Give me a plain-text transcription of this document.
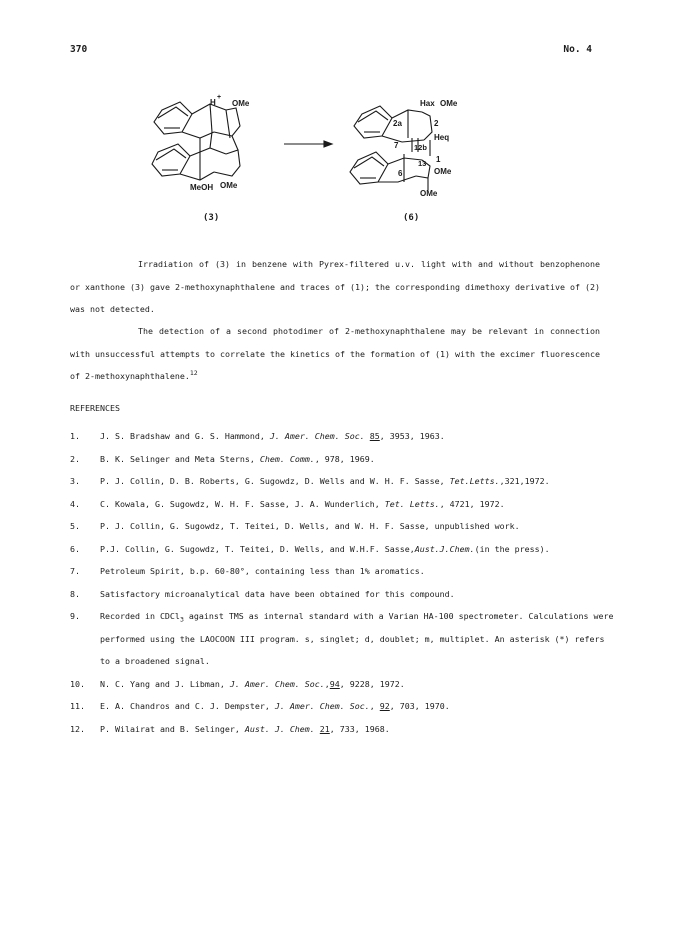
370	No. 4
H
+
OMe
MeOH OMe
Hax OMe
2a	2
Heq
7 12b
1
13
OMe
6
OMe
(3)	(6)

Irradiation of (3) in benzene with Pyrex-filtered u.v. light with and without benzophenone or xanthone (3) gave 2-methoxynaphthalene and traces of (1); the corresponding dimethoxy derivative of (2) was not detected.

The detection of a second photodimer of 2-methoxynaphthalene may be relevant in connection with unsuccessful attempts to correlate the kinetics of the formation of (1) with the excimer fluorescence of 2-methoxynaphthalene.$^{12}$

REFERENCES
1. J. S. Bradshaw and G. S. Hammond, J. Amer. Chem. Soc. 85, 3953, 1963.
2. B. K. Selinger and Meta Sterns, Chem. Comm., 978, 1969.
3. P. J. Collin, D. B. Roberts, G. Sugowdz, D. Wells and W. H. F. Sasse, Tet.Letts.,321,1972.
4. C. Kowala, G. Sugowdz, W. H. F. Sasse, J. A. Wunderlich, Tet. Letts., 4721, 1972.
5. P. J. Collin, G. Sugowdz, T. Teitei, D. Wells, and W. H. F. Sasse, unpublished work.
6. P.J. Collin, G. Sugowdz, T. Teitei, D. Wells, and W.H.F. Sasse,Aust.J.Chem.(in the press).
7. Petroleum Spirit, b.p. 60-80°, containing less than 1% aromatics.
8. Satisfactory microanalytical data have been obtained for this compound.
9. Recorded in CDCl$_3$ against TMS as internal standard with a Varian HA-100 spectrometer. Calculations were performed using the LAOCOON III program. s, singlet; d, doublet; m, multiplet. An asterisk (*) refers to a broadened signal.
10. N. C. Yang and J. Libman, J. Amer. Chem. Soc.,94, 9228, 1972.
11. E. A. Chandros and C. J. Dempster, J. Amer. Chem. Soc., 92, 703, 1970.
12. P. Wilairat and B. Selinger, Aust. J. Chem. 21, 733, 1968.
